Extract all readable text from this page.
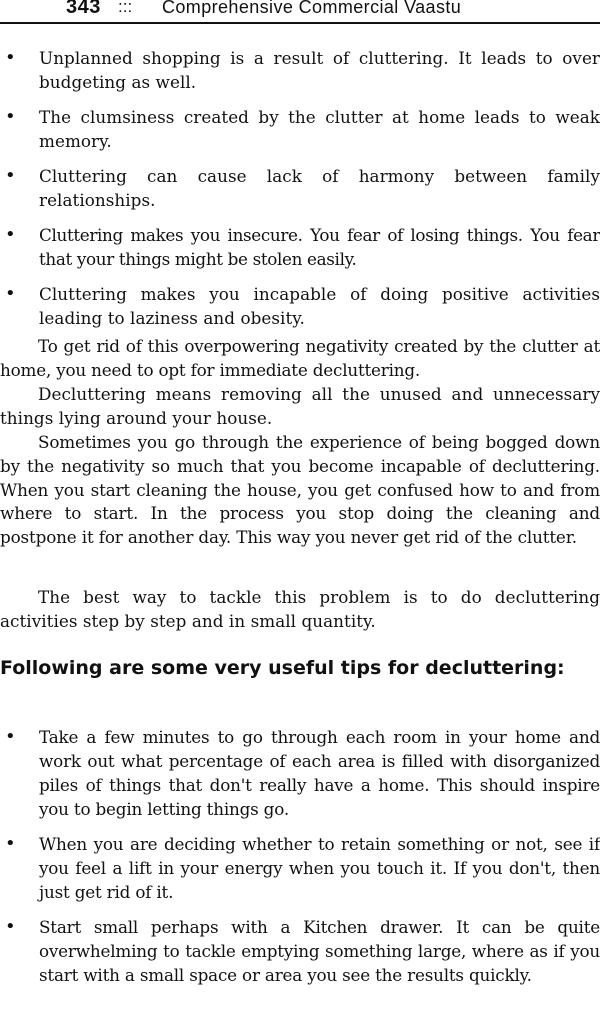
343 ::: Comprehensive Commercial Vaastu
• Unplanned shopping is a result of cluttering. It leads to over budgeting as well.
• The clumsiness created by the clutter at home leads to weak memory.
• Cluttering can cause lack of harmony between family relationships.
• Cluttering makes you insecure. You fear of losing things. You fear that your things might be stolen easily.
• Cluttering makes you incapable of doing positive activities leading to laziness and obesity.

To get rid of this overpowering negativity created by the clutter at home, you need to opt for immediate decluttering.

Decluttering means removing all the unused and unnecessary things lying around your house.

Sometimes you go through the experience of being bogged down by the negativity so much that you become incapable of decluttering. When you start cleaning the house, you get confused how to and from where to start. In the process you stop doing the cleaning and postpone it for another day. This way you never get rid of the clutter.

The best way to tackle this problem is to do decluttering activities step by step and in small quantity.

Following are some very useful tips for decluttering:
• Take a few minutes to go through each room in your home and work out what percentage of each area is filled with disorganized piles of things that don't really have a home. This should inspire you to begin letting things go.
• When you are deciding whether to retain something or not, see if you feel a lift in your energy when you touch it. If you don't, then just get rid of it.
• Start small perhaps with a Kitchen drawer. It can be quite overwhelming to tackle emptying something large, where as if you start with a small space or area you see the results quickly.
